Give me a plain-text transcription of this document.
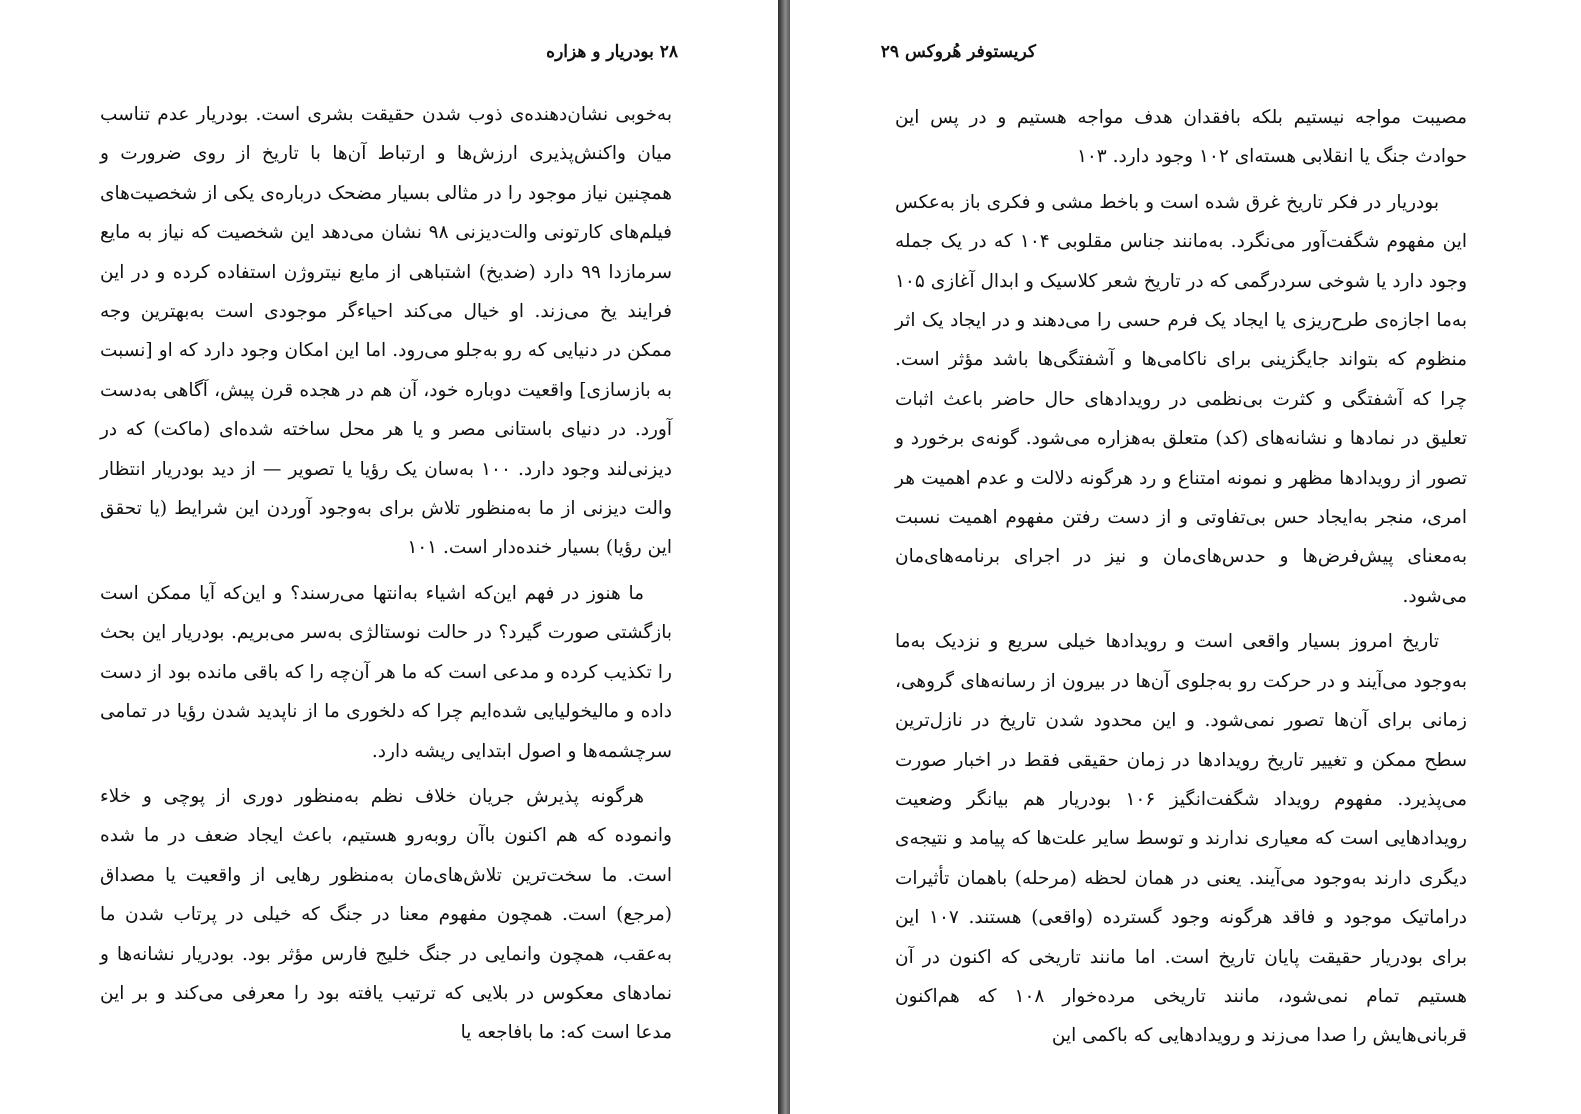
۲۸ بودریار و هزاره

به‌خوبی نشان‌دهنده‌ی ذوب شدن حقیقت بشری است. بودریار عدم تناسب میان واکنش‌پذیری ارزش‌ها و ارتباط آن‌ها با تاریخ از روی ضرورت و همچنین نیاز موجود را در مثالی بسیار مضحک درباره‌ی یکی از شخصیت‌های فیلم‌های کارتونی والت‌دیزنی ۹۸ نشان می‌دهد این شخصیت که نیاز به مایع سرمازدا ۹۹ دارد (ضدیخ) اشتباهی از مایع نیتروژن استفاده کرده و در این فرایند یخ می‌زند. او خیال می‌کند احیاءگر موجودی است به‌بهترین وجه ممکن در دنیایی که رو به‌جلو می‌رود. اما این امکان وجود دارد که او [نسبت به بازسازی] واقعیت دوباره خود، آن هم در هجده قرن پیش، آگاهی به‌دست آورد. در دنیای باستانی مصر و یا هر محل ساخته شده‌ای (ماکت) که در دیزنی‌لند وجود دارد. ۱۰۰ به‌سان یک رؤیا یا تصویر — از دید بودریار انتظار والت دیزنی از ما به‌منظور تلاش برای به‌وجود آوردن این شرایط (یا تحقق این رؤیا) بسیار خنده‌دار است. ۱۰۱

ما هنوز در فهم این‌که اشیاء به‌انتها می‌رسند؟ و این‌که آیا ممکن است بازگشتی صورت گیرد؟ در حالت نوستالژی به‌سر می‌بریم. بودریار این بحث را تکذیب کرده و مدعی است که ما هر آن‌چه را که باقی مانده بود از دست داده و مالیخولیایی شده‌ایم چرا که دلخوری ما از ناپدید شدن رؤیا در تمامی سرچشمه‌ها و اصول ابتدایی ریشه دارد.

هرگونه پذیرش جریان خلاف نظم به‌منظور دوری از پوچی و خلاء وانموده که هم اکنون باآن روبه‌رو هستیم، باعث ایجاد ضعف در ما شده است. ما سخت‌ترین تلاش‌های‌مان به‌منظور رهایی از واقعیت یا مصداق (مرجع) است. همچون مفهوم معنا در جنگ که خیلی در پرتاب شدن ما به‌عقب، همچون وانمایی در جنگ خلیج فارس مؤثر بود. بودریار نشانه‌ها و نمادهای معکوس در بلایی که ترتیب یافته بود را معرفی می‌کند و بر این مدعا است که: ما بافاجعه یا

کریستوفر هُروکس ۲۹

مصیبت مواجه نیستیم بلکه بافقدان هدف مواجه هستیم و در پس این حوادث جنگ یا انقلابی هسته‌ای ۱۰۲ وجود دارد. ۱۰۳

بودریار در فکر تاریخ غرق شده است و باخط مشی و فکری باز به‌عکس این مفهوم شگفت‌آور می‌نگرد. به‌مانند جناس مقلوبی ۱۰۴ که در یک جمله وجود دارد یا شوخی سردرگمی که در تاریخ شعر کلاسیک و ابدال آغازی ۱۰۵ به‌ما اجازه‌ی طرح‌ریزی یا ایجاد یک فرم حسی را می‌دهند و در ایجاد یک اثر منظوم که بتواند جایگزینی برای ناکامی‌ها و آشفتگی‌ها باشد مؤثر است. چرا که آشفتگی و کثرت بی‌نظمی در رویدادهای حال حاضر باعث اثبات تعلیق در نمادها و نشانه‌های (کد) متعلق به‌هزاره می‌شود. گونه‌ی برخورد و تصور از رویدادها مظهر و نمونه امتناع و رد هرگونه دلالت و عدم اهمیت هر امری، منجر به‌ایجاد حس بی‌تفاوتی و از دست رفتن مفهوم اهمیت نسبت به‌معنای پیش‌فرض‌ها و حدس‌های‌مان و نیز در اجرای برنامه‌های‌مان می‌شود.

تاریخ امروز بسیار واقعی است و رویدادها خیلی سریع و نزدیک به‌ما به‌وجود می‌آیند و در حرکت رو به‌جلوی آن‌ها در بیرون از رسانه‌های گروهی، زمانی برای آن‌ها تصور نمی‌شود. و این محدود شدن تاریخ در نازل‌ترین سطح ممکن و تغییر تاریخ رویدادها در زمان حقیقی فقط در اخبار صورت می‌پذیرد. مفهوم رویداد شگفت‌انگیز ۱۰۶ بودریار هم بیانگر وضعیت رویدادهایی است که معیاری ندارند و توسط سایر علت‌ها که پیامد و نتیجه‌ی دیگری دارند به‌وجود می‌آیند. یعنی در همان لحظه (مرحله) باهمان تأثیرات دراماتیک موجود و فاقد هرگونه وجود گسترده (واقعی) هستند. ۱۰۷ این برای بودریار حقیقت پایان تاریخ است. اما مانند تاریخی که اکنون در آن هستیم تمام نمی‌شود، مانند تاریخی مرده‌خوار ۱۰۸ که هم‌اکنون قربانی‌هایش را صدا می‌زند و رویدادهایی که باکمی این
